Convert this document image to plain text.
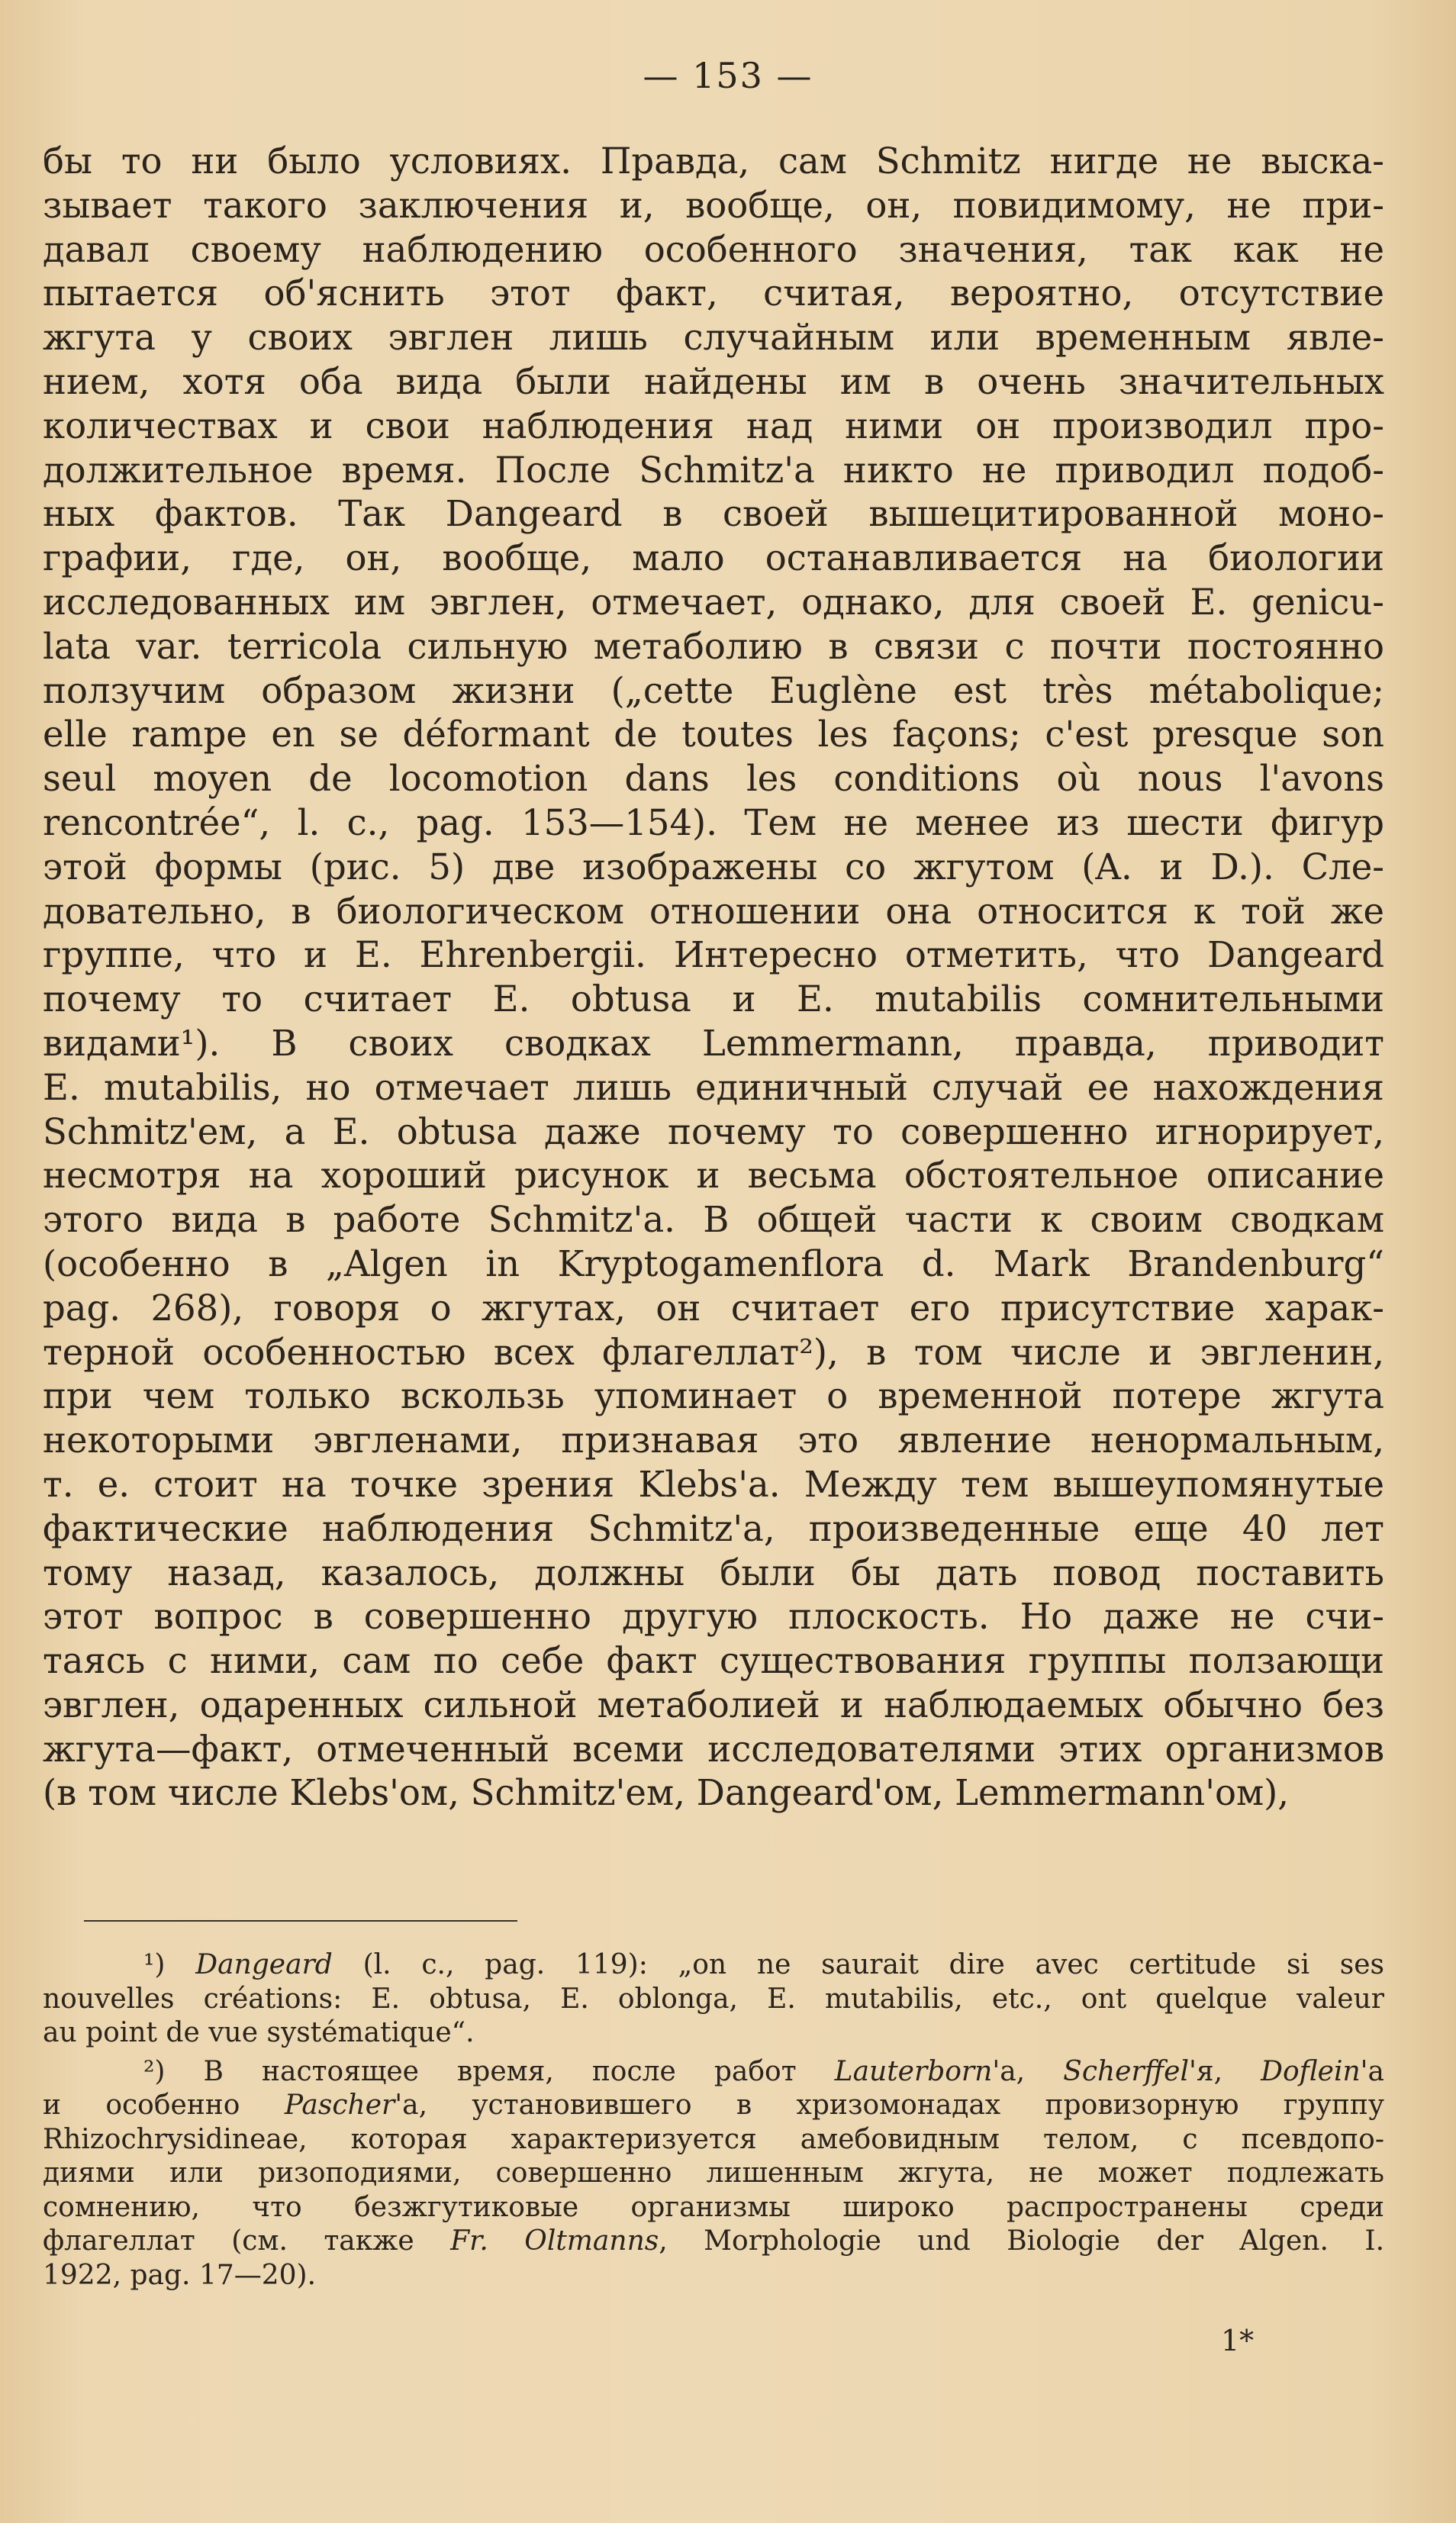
— 153 —
бы то ни было условиях. Правда, сам Schmitz нигде не выска-
зывает такого заключения и, вообще, он, повидимому, не при-
давал своему наблюдению особенного значения, так как не
пытается об'яснить этот факт, считая, вероятно, отсутствие
жгута у своих эвглен лишь случайным или временным явле-
нием, хотя оба вида были найдены им в очень значительных
количествах и свои наблюдения над ними он производил про-
должительное время. После Schmitz'a никто не приводил подоб-
ных фактов. Так Dangeard в своей вышецитированной моно-
графии, где, он, вообще, мало останавливается на биологии
исследованных им эвглен, отмечает, однако, для своей E. genicu-
lata var. terricola сильную метаболию в связи с почти постоянно
ползучим образом жизни („cette Euglène est très métabolique;
elle rampe en se déformant de toutes les façons; c'est presque son
seul moyen de locomotion dans les conditions où nous l'avons
rencontrée“, l. c., pag. 153—154). Тем не менее из шести фигур
этой формы (рис. 5) две изображены со жгутом (A. и D.). Сле-
довательно, в биологическом отношении она относится к той же
группе, что и E. Ehrenbergii. Интересно отметить, что Dangeard
почему то считает E. obtusa и E. mutabilis сомнительными
видами¹). В своих сводках Lemmermann, правда, приводит
E. mutabilis, но отмечает лишь единичный случай ее нахождения
Schmitz'ем, а E. obtusa даже почему то совершенно игнорирует,
несмотря на хороший рисунок и весьма обстоятельное описание
этого вида в работе Schmitz'a. В общей части к своим сводкам
(особенно в „Algen in Kryptogamenflora d. Mark Brandenburg“
pag. 268), говоря о жгутах, он считает его присутствие харак-
терной особенностью всех флагеллат²), в том числе и эвгленин,
при чем только вскользь упоминает о временной потере жгута
некоторыми эвгленами, признавая это явление ненормальным,
т. е. стоит на точке зрения Klebs'a. Между тем вышеупомянутые
фактические наблюдения Schmitz'a, произведенные еще 40 лет
тому назад, казалось, должны были бы дать повод поставить
этот вопрос в совершенно другую плоскость. Но даже не счи-
таясь с ними, сам по себе факт существования группы ползающи
эвглен, одаренных сильной метаболией и наблюдаемых обычно без
жгута—факт, отмеченный всеми исследователями этих организмов
(в том числе Klebs'ом, Schmitz'ем, Dangeard'ом, Lemmermann'ом),
¹) Dangeard (l. c., pag. 119): „on ne saurait dire avec certitude si ses
nouvelles créations: E. obtusa, E. oblonga, E. mutabilis, etc., ont quelque valeur
au point de vue systématique“.
²) В настоящее время, после работ Lauterborn'a, Scherffel'я, Doflein'a
и особенно Pascher'a, установившего в хризомонадах провизорную группу
Rhizochrysidineae, которая характеризуется амебовидным телом, с псевдопо-
диями или ризоподиями, совершенно лишенным жгута, не может подлежать
сомнению, что безжгутиковые организмы широко распространены среди
флагеллат (см. также Fr. Oltmanns, Morphologie und Biologie der Algen. I.
1922, pag. 17—20).
1*
